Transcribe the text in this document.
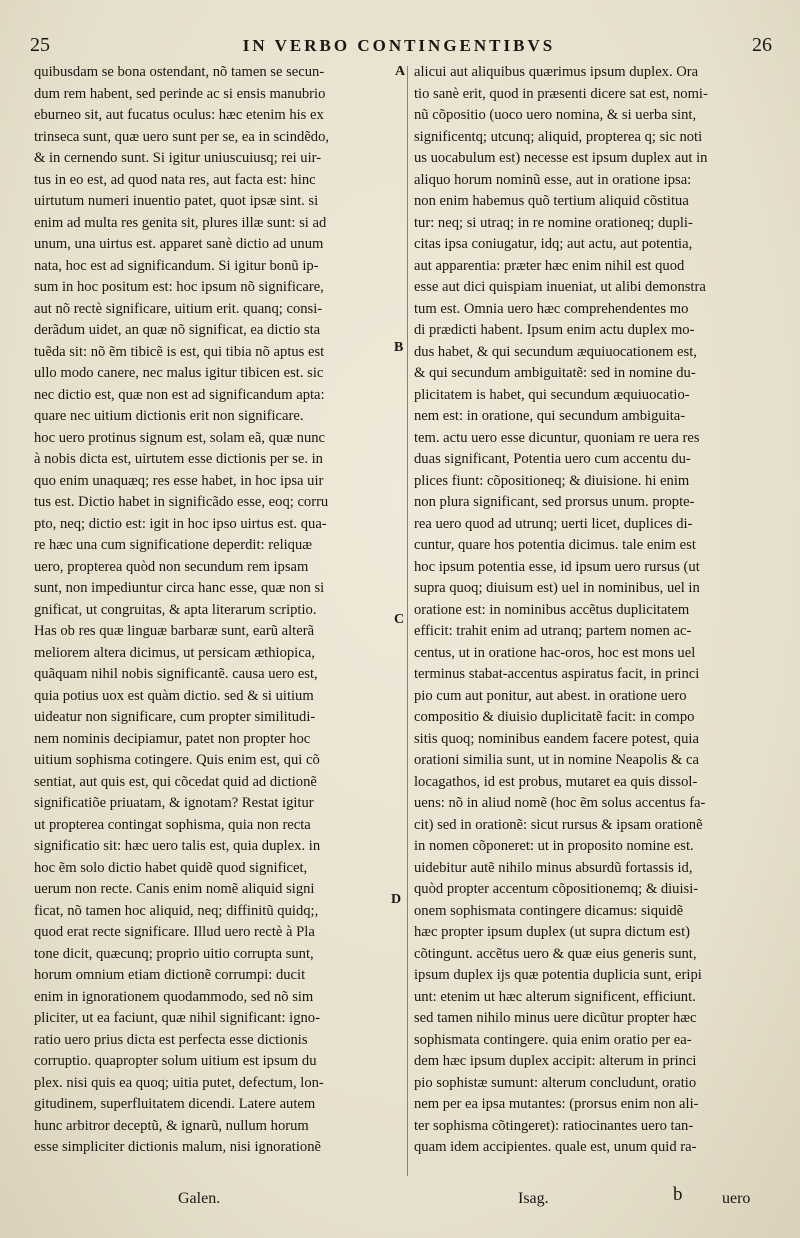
25	IN VERBO CONTINGENTIBVS	26
quibusdam se bona ostendant, nõ tamen se secun-
dum rem habent, sed perinde ac si ensis manubrio
eburneo sit, aut fucatus oculus: hæc etenim his ex
trinseca sunt, quæ uero sunt per se, ea in scindẽdo,
& in cernendo sunt. Si igitur uniuscuiusq; rei uir-
tus in eo est, ad quod nata res, aut facta est: hinc
uirtutum numeri inuentio patet, quot ipsæ sint. si
enim ad multa res genita sit, plures illæ sunt: si ad
unum, una uirtus est. apparet sanè dictio ad unum
nata, hoc est ad significandum. Si igitur bonũ ip-
sum in hoc positum est: hoc ipsum nõ significare,
aut nõ rectè significare, uitium erit. quanq; consi-
derãdum uidet, an quæ nõ significat, ea dictio sta
tuẽda sit: nõ ẽm tibicẽ is est, qui tibia nõ aptus est
ullo modo canere, nec malus igitur tibicen est. sic
nec dictio est, quæ non est ad significandum apta:
quare nec uitium dictionis erit non significare.
hoc uero protinus signum est, solam eã, quæ nunc
à nobis dicta est, uirtutem esse dictionis per se. in
quo enim unaquæq; res esse habet, in hoc ipsa uir
tus est. Dictio habet in significãdo esse, eoq; corru
pto, neq; dictio est: igit in hoc ipso uirtus est. qua-
re hæc una cum significatione deperdit: reliquæ
uero, propterea quòd non secundum rem ipsam
sunt, non impediuntur circa hanc esse, quæ non si
gnificat, ut congruitas, & apta literarum scriptio.
Has ob res quæ linguæ barbaræ sunt, earũ alterã
meliorem altera dicimus, ut persicam æthiopica,
quãquam nihil nobis significantẽ. causa uero est,
quia potius uox est quàm dictio. sed & si uitium
uideatur non significare, cum propter similitudi-
nem nominis decipiamur, patet non propter hoc
uitium sophisma cotingere. Quis enim est, qui cõ
sentiat, aut quis est, qui cõcedat quid ad dictionẽ
significatiõe priuatam, & ignotam? Restat igitur
ut propterea contingat sophisma, quia non recta
significatio sit: hæc uero talis est, quia duplex. in
hoc ẽm solo dictio habet quidẽ quod significet,
uerum non recte. Canis enim nomẽ aliquid signi
ficat, nõ tamen hoc aliquid, neq; diffinitũ quidq;,
quod erat recte significare. Illud uero rectè à Pla
tone dicit, quæcunq; proprio uitio corrupta sunt,
horum omnium etiam dictionẽ corrumpi: ducit
enim in ignorationem quodammodo, sed nõ sim
pliciter, ut ea faciunt, quæ nihil significant: igno-
ratio uero prius dicta est perfecta esse dictionis
corruptio. quapropter solum uitium est ipsum du
plex. nisi quis ea quoq; uitia putet, defectum, lon-
gitudinem, superfluitatem dicendi. Latere autem
hunc arbitror deceptũ, & ignarũ, nullum horum
esse simpliciter dictionis malum, nisi ignorationẽ
alicui aut aliquibus quærimus ipsum duplex. Ora
tio sanè erit, quod in præsenti dicere sat est, nomi-
nũ cõpositio (uoco uero nomina, & si uerba sint,
significentq; utcunq; aliquid, propterea q; sic noti
us uocabulum est) necesse est ipsum duplex aut in
aliquo horum nominũ esse, aut in oratione ipsa:
non enim habemus quõ tertium aliquid cõstitua
tur: neq; si utraq; in re nomine orationeq; dupli-
citas ipsa coniugatur, idq; aut actu, aut potentia,
aut apparentia: præter hæc enim nihil est quod
esse aut dici quispiam inueniat, ut alibi demonstra
tum est. Omnia uero hæc comprehendentes mo
di prædicti habent. Ipsum enim actu duplex mo-
dus habet, & qui secundum æquiuocationem est,
& qui secundum ambiguitatẽ: sed in nomine du-
plicitatem is habet, qui secundum æquiuocatio-
nem est: in oratione, qui secundum ambiguita-
tem. actu uero esse dicuntur, quoniam re uera res
duas significant, Potentia uero cum accentu du-
plices fiunt: cõpositioneq; & diuisione. hi enim
non plura significant, sed prorsus unum. propte-
rea uero quod ad utrunq; uerti licet, duplices di-
cuntur, quare hos potentia dicimus. tale enim est
hoc ipsum potentia esse, id ipsum uero rursus (ut
supra quoq; diuisum est) uel in nominibus, uel in
oratione est: in nominibus accẽtus duplicitatem
efficit: trahit enim ad utranq; partem nomen ac-
centus, ut in oratione hac-oros, hoc est mons uel
terminus stabat-accentus aspiratus facit, in princi
pio cum aut ponitur, aut abest. in oratione uero
compositio & diuisio duplicitatẽ facit: in compo
sitis quoq; nominibus eandem facere potest, quia
orationi similia sunt, ut in nomine Neapolis & ca
locagathos, id est probus, mutaret ea quis dissol-
uens: nõ in aliud nomẽ (hoc ẽm solus accentus fa-
cit) sed in orationẽ: sicut rursus & ipsam orationẽ
in nomen cõponeret: ut in proposito nomine est.
uidebitur autẽ nihilo minus absurdũ fortassis id,
quòd propter accentum cõpositionemq; & diuisi-
onem sophismata contingere dicamus: siquidẽ
hæc propter ipsum duplex (ut supra dictum est)
cõtingunt. accẽtus uero & quæ eius generis sunt,
ipsum duplex ijs quæ potentia duplicia sunt, eripi
unt: etenim ut hæc alterum significent, efficiunt.
sed tamen nihilo minus uere dicũtur propter hæc
sophismata contingere. quia enim oratio per ea-
dem hæc ipsum duplex accipit: alterum in princi
pio sophistæ sumunt: alterum concludunt, oratio
nem per ea ipsa mutantes: (prorsus enim non ali-
ter sophisma cõtingeret): ratiocinantes uero tan-
quam idem accipientes. quale est, unum quid ra-
A
B
C
D
Galen.	Isag.	b uero
